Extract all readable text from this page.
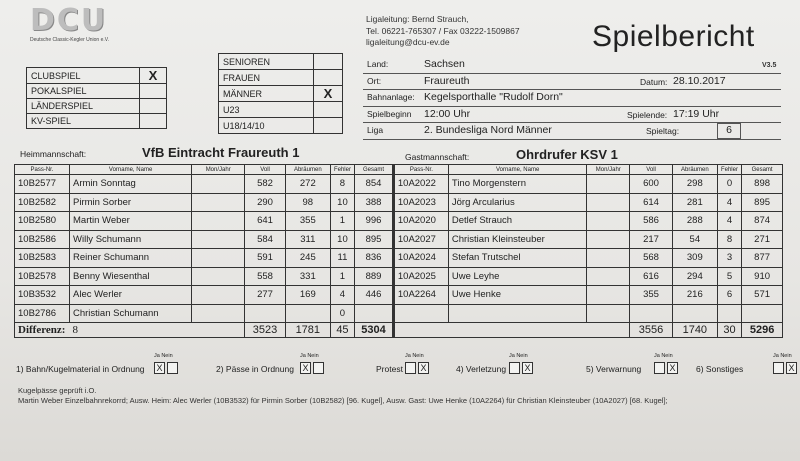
DCU
Deutsche Classic-Kegler Union e.V.
Ligaleitung: Bernd Strauch,
Tel. 06221-765307 / Fax 03222-1509867
ligaleitung@dcu-ev.de	Spielbericht
V3.5
CLUBSPIEL	X
POKALSPIEL	
LÄNDERSPIEL	
KV-SPIEL	
SENIOREN	
FRAUEN	
MÄNNER	X
U23	
U18/14/10	
Land:	Sachsen
Ort:	Fraureuth	Datum: 28.10.2017
Bahnanlage: Kegelsporthalle "Rudolf Dorn"
Spielbeginn 12:00 Uhr	Spielende: 17:19 Uhr
Liga	2. Bundesliga Nord Männer	Spieltag:	6
Heimmannschaft:	VfB Eintracht Fraureuth 1	Gastmannschaft:	Ohrdrufer KSV 1
Pass-Nr.	Vorname, Name	Mon/Jahr	Voll	Abräumen	Fehler	Gesamt	Pass-Nr.	Vorname, Name	Mon/Jahr	Voll	Abräumen	Fehler	Gesamt
10B2577	Armin Sonntag		582	272	8	854	10A2022	Tino Morgenstern		600	298	0	898
10B2582	Pirmin Sorber		290	98	10	388	10A2023	Jörg Arcularius		614	281	4	895
10B2580	Martin Weber		641	355	1	996	10A2020	Detlef Strauch		586	288	4	874
10B2586	Willy Schumann		584	311	10	895	10A2027	Christian Kleinsteuber		217	54	8	271
10B2583	Reiner Schumann		591	245	11	836	10A2024	Stefan Trutschel		568	309	3	877
10B2578	Benny Wiesenthal		558	331	1	889	10A2025	Uwe Leyhe		616	294	5	910
10B3532	Alec Werler		277	169	4	446	10A2264	Uwe Henke		355	216	6	571
10B2786	Christian Schumann				0								
Differenz: 8			3523	1781	45	5304				3556	1740	30	5296
1) Bahn/Kugelmaterial in Ordnung
Ja Nein
X	2) Pässe in Ordnung
Ja Nein
X	Protest
Ja Nein
X	4) Verletzung
Ja Nein
X	5) Verwarnung
Ja Nein
X 6) Sonstiges
Ja Nein
X
Kugelpässe geprüft i.O.
Martin Weber Einzelbahnrekorrd; Ausw. Heim: Alec Werler (10B3532) für Pirmin Sorber (10B2582) [96. Kugel], Ausw. Gast: Uwe Henke (10A2264) für Christian Kleinsteuber (10A2027) [68. Kugel];
